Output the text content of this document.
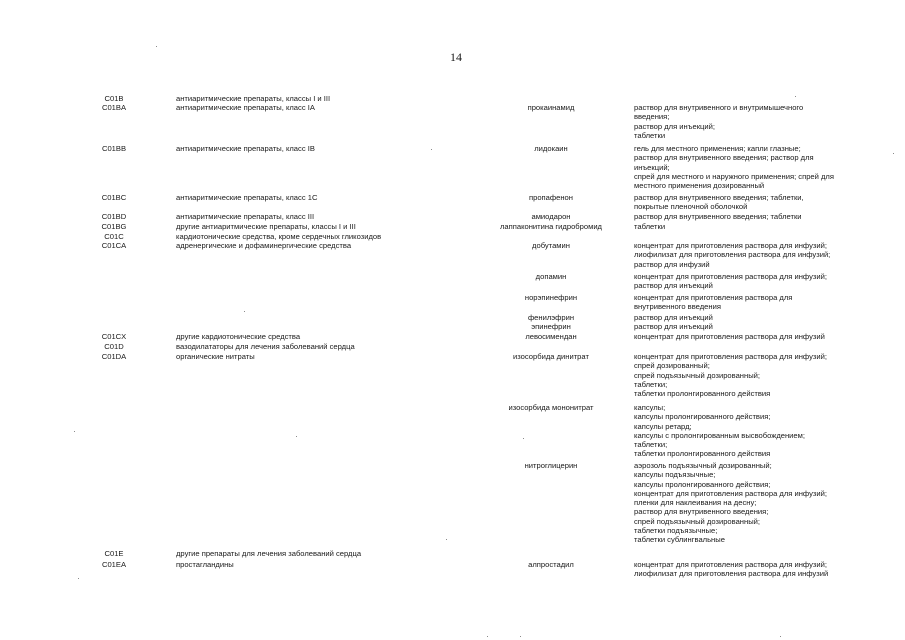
14
C01B	антиаритмические препараты, классы I и III
C01BA	антиаритмические препараты, класс IA	прокаинамид	раствор для внутривенного и внутримышечного
введения;
раствор для инъекций;
таблетки
C01BB	антиаритмические препараты, класс IB	лидокаин	гель для местного применения; капли глазные;
раствор для внутривенного введения; раствор для
инъекций;
спрей для местного и наружного применения; спрей для
местного применения дозированный
C01BC	антиаритмические препараты, класс 1С	пропафенон	раствор для внутривенного введения; таблетки,
покрытые пленочной оболочкой
C01BD	антиаритмические препараты, класс III	амиодарон	раствор для внутривенного введения; таблетки
C01BG	другие антиаритмические препараты, классы I и III	лаппаконитина гидробромид	таблетки
C01C	кардиотонические средства, кроме сердечных гликозидов
C01CA	адренергические и дофаминергические средства	добутамин	концентрат для приготовления раствора для инфузий;
лиофилизат для приготовления раствора для инфузий;
раствор для инфузий
допамин	концентрат для приготовления раствора для инфузий;
раствор для инъекций
норэпинефрин	концентрат для приготовления раствора для
внутривенного введения
фенилэфрин	раствор для инъекций
эпинефрин	раствор для инъекций
C01CX	другие кардиотонические средства	левосимендан	концентрат для приготовления раствора для инфузий
C01D	вазодилататоры для лечения заболеваний сердца
C01DA	органические нитраты	изосорбида динитрат	концентрат для приготовления раствора для инфузий;
спрей дозированный;
спрей подъязычный дозированный;
таблетки;
таблетки пролонгированного действия
изосорбида мононитрат	капсулы;
капсулы пролонгированного действия;
капсулы ретард;
капсулы с пролонгированным высвобождением;
таблетки;
таблетки пролонгированного действия
нитроглицерин	аэрозоль подъязычный дозированный;
капсулы подъязычные;
капсулы пролонгированного действия;
концентрат для приготовления раствора для инфузий;
пленки для наклеивания на десну;
раствор для внутривенного введения;
спрей подъязычный дозированный;
таблетки подъязычные;
таблетки сублингвальные
C01E	другие препараты для лечения заболеваний сердца
C01EA	простагландины	алпростадил	концентрат для приготовления раствора для инфузий;
лиофилизат для приготовления раствора для инфузий
